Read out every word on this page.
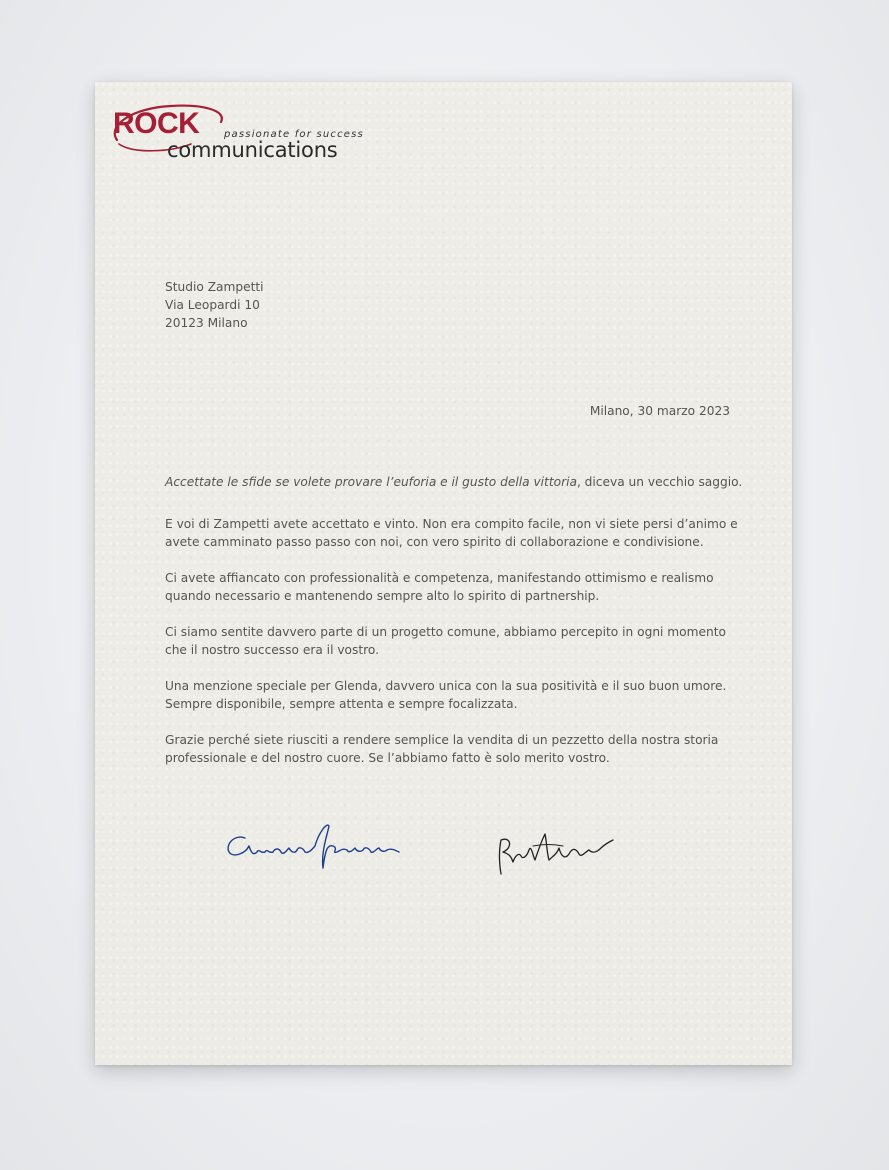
ROCK passionate for success
communications
Studio Zampetti
Via Leopardi 10
20123 Milano
Milano, 30 marzo 2023

Accettate le sfide se volete provare l’euforia e il gusto della vittoria, diceva un vecchio saggio.

E voi di Zampetti avete accettato e vinto. Non era compito facile, non vi siete persi d’animo e avete camminato passo passo con noi, con vero spirito di collaborazione e condivisione.

Ci avete affiancato con professionalità e competenza, manifestando ottimismo e realismo quando necessario e mantenendo sempre alto lo spirito di partnership.

Ci siamo sentite davvero parte di un progetto comune, abbiamo percepito in ogni momento che il nostro successo era il vostro.

Una menzione speciale per Glenda, davvero unica con la sua positività e il suo buon umore. Sempre disponibile, sempre attenta e sempre focalizzata.

Grazie perché siete riusciti a rendere semplice la vendita di un pezzetto della nostra storia professionale e del nostro cuore. Se l’abbiamo fatto è solo merito vostro.
